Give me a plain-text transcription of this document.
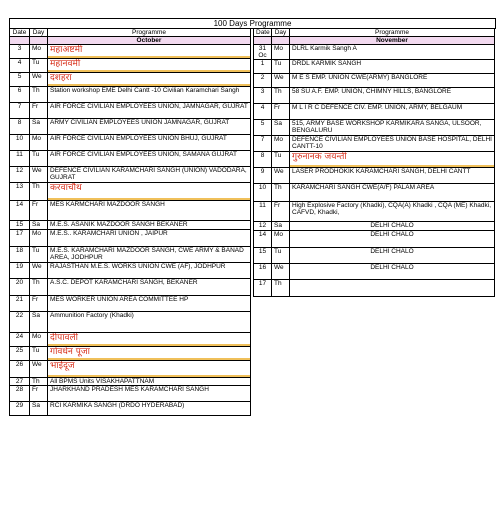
100 Days Programme
Date	Day	Programme
		October
3	Mo	महाअष्टमी
4	Tu	महानवमी
5	We	दशहरा
6	Th	Station workshop EME Delhi Cantt -10 Civilian Karamchari Sangh
7	Fr	AIR FORCE CIVILIAN EMPLOYEES UNION, JAMNAGAR, GUJRAT
8	Sa	ARMY CIVILIAN EMPLOYEES UNION JAMNAGAR, GUJRAT
10	Mo	AIR FORCE CIVILIAN EMPLOYEES UNION BHUJ, GUJRAT
11	Tu	AIR FORCE CIVILIAN EMPLOYEES UNION, SAMANA GUJRAT
12	We	DEFENCE CIVILIAN KARAMCHARI SANGH (UNION) VADODARA, GUJRAT
13	Th	करवाचौथ
14	Fr	MES KARMCHARI MAZDOOR SANGH
15	Sa	M.E.S. ASANIK MAZDOOR SANGH BEKANER
17	Mo	M.E.S.. KARAMCHARI UNION , JAIPUR
18	Tu	M.E.S. KARAMCHARI MAZDOOR SANGH, CWE ARMY & BANAD AREA, JODHPUR
19	We	RAJASTHAN M.E.S. WORKS UNION CWE (AF), JODHPUR
20	Th	A.S.C. DEPOT KARAMCHARI SANGH, BEKANER
21	Fr	MES WORKER UNION AREA COMMITTEE HP
22	Sa	Ammunition Factory (Khadki)
24	Mo	दीपावली
25	Tu	गोवर्धन पूजा
26	We	भाईदूज
27	Th	All BPMS Units VISAKHAPATTNAM
28	Fr	JHARKHAND PRADESH MES KARAMCHARI SANGH
29	Sa	RCI KARMIKA SANGH (DRDO HYDERABAD)
Date	Day	Programme
		November
31 Oc	Mo	DLRL Karmik Sangh A
1	Tu	DRDL KARMIK SANGH
2	We	M E S EMP. UNION CWE(ARMY) BANGLORE
3	Th	58 SU A.F. EMP. UNION, CHIMNY HILLS, BANGLORE
4	Fr	M L I R C DEFENCE CIV. EMP. UNION, ARMY, BELGAUM
5	Sa	515, ARMY BASE WORKSHOP KARMIKARA SANGA, ULSOOR, BENGALURU
7	Mo	DEFENCE CIVILIAN EMPLOYEES UNION BASE HOSPITAL, DELHI CANTT-10
8	Tu	गुरुनानक जयन्ती
9	We	LASER PRODHOKIK KARAMCHARI SANGH, DELHI CANTT
10	Th	KARAMCHARI SANGH CWE(A/F) PALAM AREA
11	Fr	High Explosive Factory (Khadki), CQA(A) Khadki , CQA (ME) Khadki, CAFVD, Khadki,
12	Sa	DELHI CHALO
14	Mo	DELHI CHALO
15	Tu	DELHI CHALO
16	We	DELHI CHALO
17	Th	
